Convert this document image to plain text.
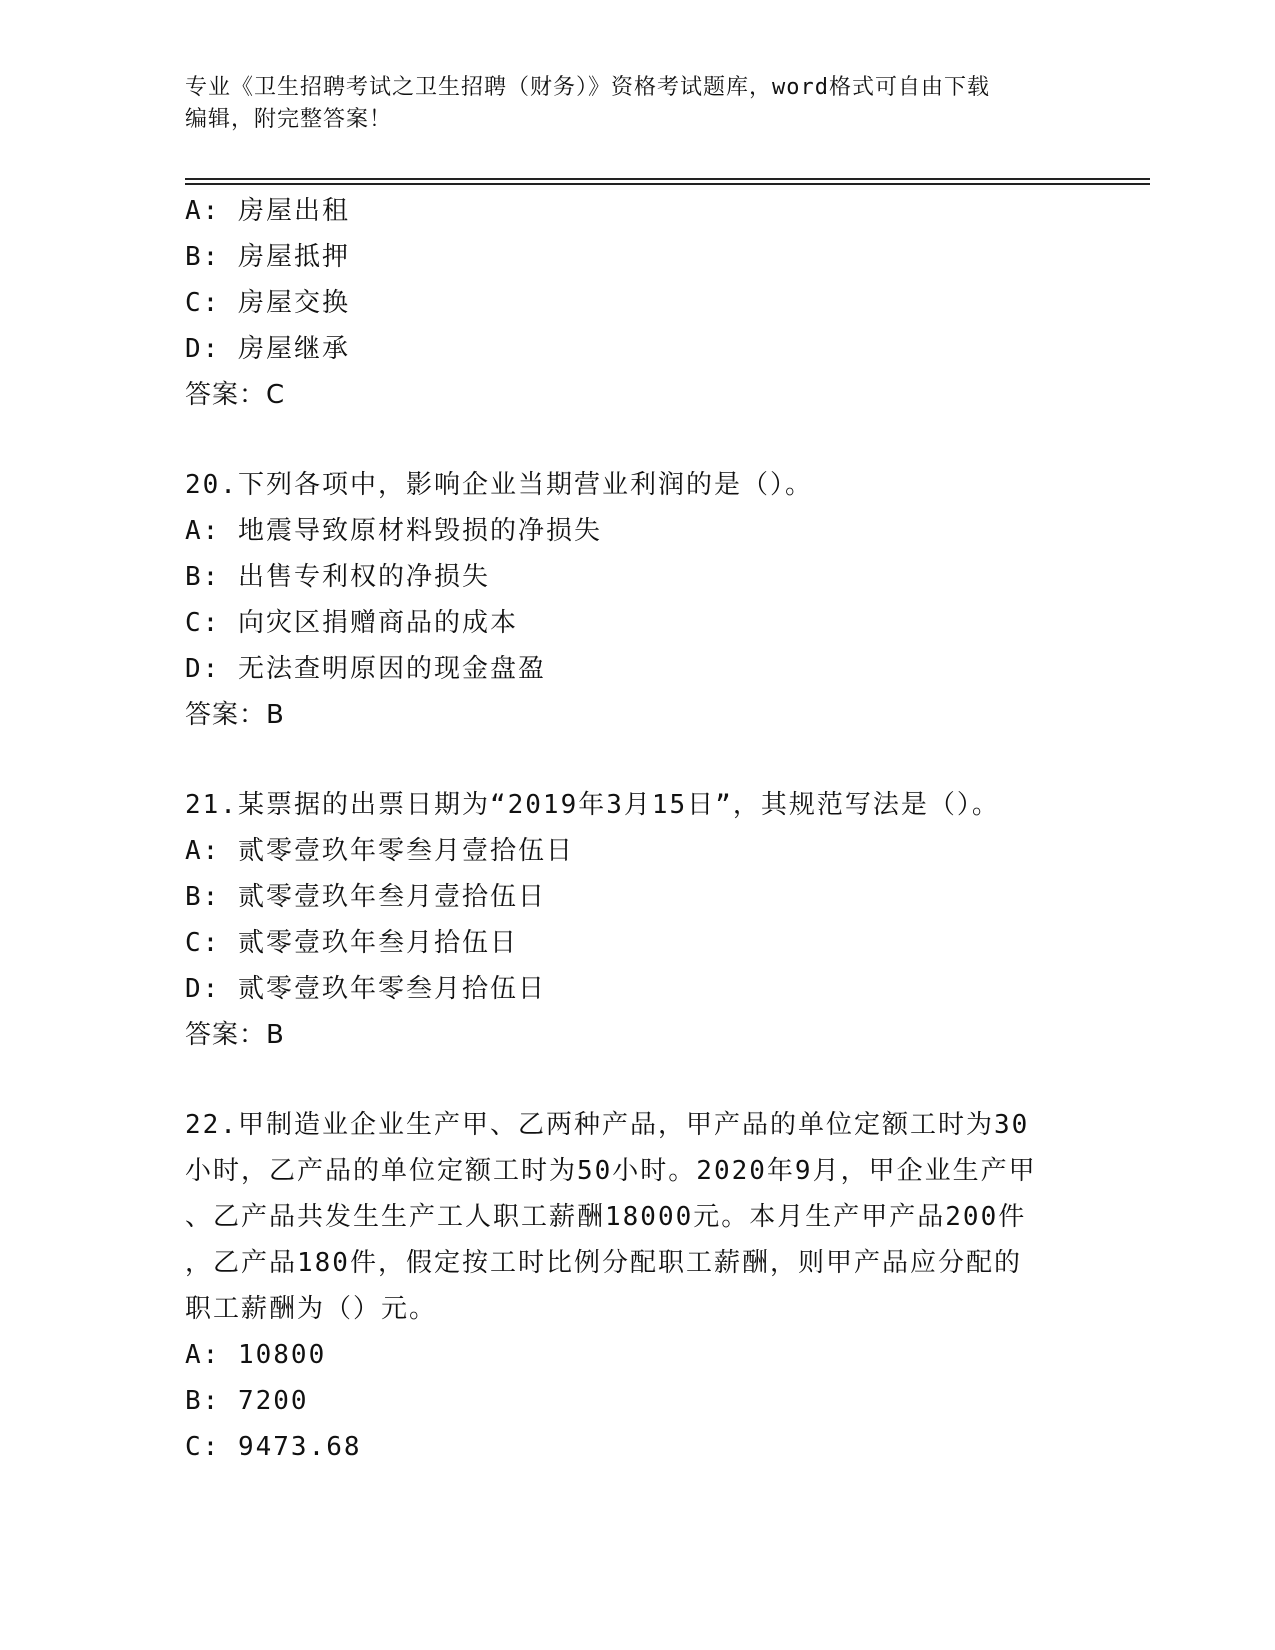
专业《卫生招聘考试之卫生招聘（财务）》资格考试题库，word格式可自由下载
编辑，附完整答案！
A: 房屋出租
B: 房屋抵押
C: 房屋交换
D: 房屋继承
答案：C
20.下列各项中，影响企业当期营业利润的是（）。
A: 地震导致原材料毁损的净损失
B: 出售专利权的净损失
C: 向灾区捐赠商品的成本
D: 无法查明原因的现金盘盈
答案：B
21.某票据的出票日期为“2019年3月15日”，其规范写法是（）。
A: 贰零壹玖年零叁月壹拾伍日
B: 贰零壹玖年叁月壹拾伍日
C: 贰零壹玖年叁月拾伍日
D: 贰零壹玖年零叁月拾伍日
答案：B
22.甲制造业企业生产甲、乙两种产品，甲产品的单位定额工时为30
小时，乙产品的单位定额工时为50小时。2020年9月，甲企业生产甲
、乙产品共发生生产工人职工薪酬18000元。本月生产甲产品200件
，乙产品180件，假定按工时比例分配职工薪酬，则甲产品应分配的
职工薪酬为（）元。
A: 10800
B: 7200
C: 9473.68
